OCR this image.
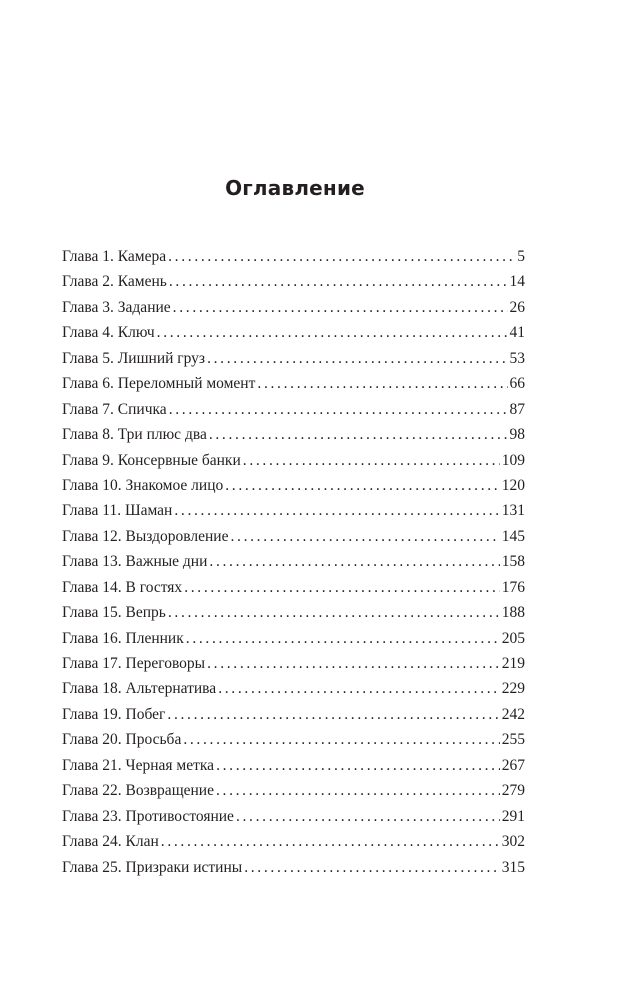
Оглавление
Глава 1. Камера . . .	5
Глава 2. Камень . . .	14
Глава 3. Задание . . .	26
Глава 4. Ключ . . .	41
Глава 5. Лишний груз . . .	53
Глава 6. Переломный момент . . .	66
Глава 7. Спичка . . .	87
Глава 8. Три плюс два . . .	98
Глава 9. Консервные банки . . .	109
Глава 10. Знакомое лицо . . .	120
Глава 11. Шаман . . .	131
Глава 12. Выздоровление . . .	145
Глава 13. Важные дни . . .	158
Глава 14. В гостях . . .	176
Глава 15. Вепрь . . .	188
Глава 16. Пленник . . .	205
Глава 17. Переговоры . . .	219
Глава 18. Альтернатива . . .	229
Глава 19. Побег . . .	242
Глава 20. Просьба . . .	255
Глава 21. Черная метка . . .	267
Глава 22. Возвращение . . .	279
Глава 23. Противостояние . . .	291
Глава 24. Клан . . .	302
Глава 25. Призраки истины . . .	315
